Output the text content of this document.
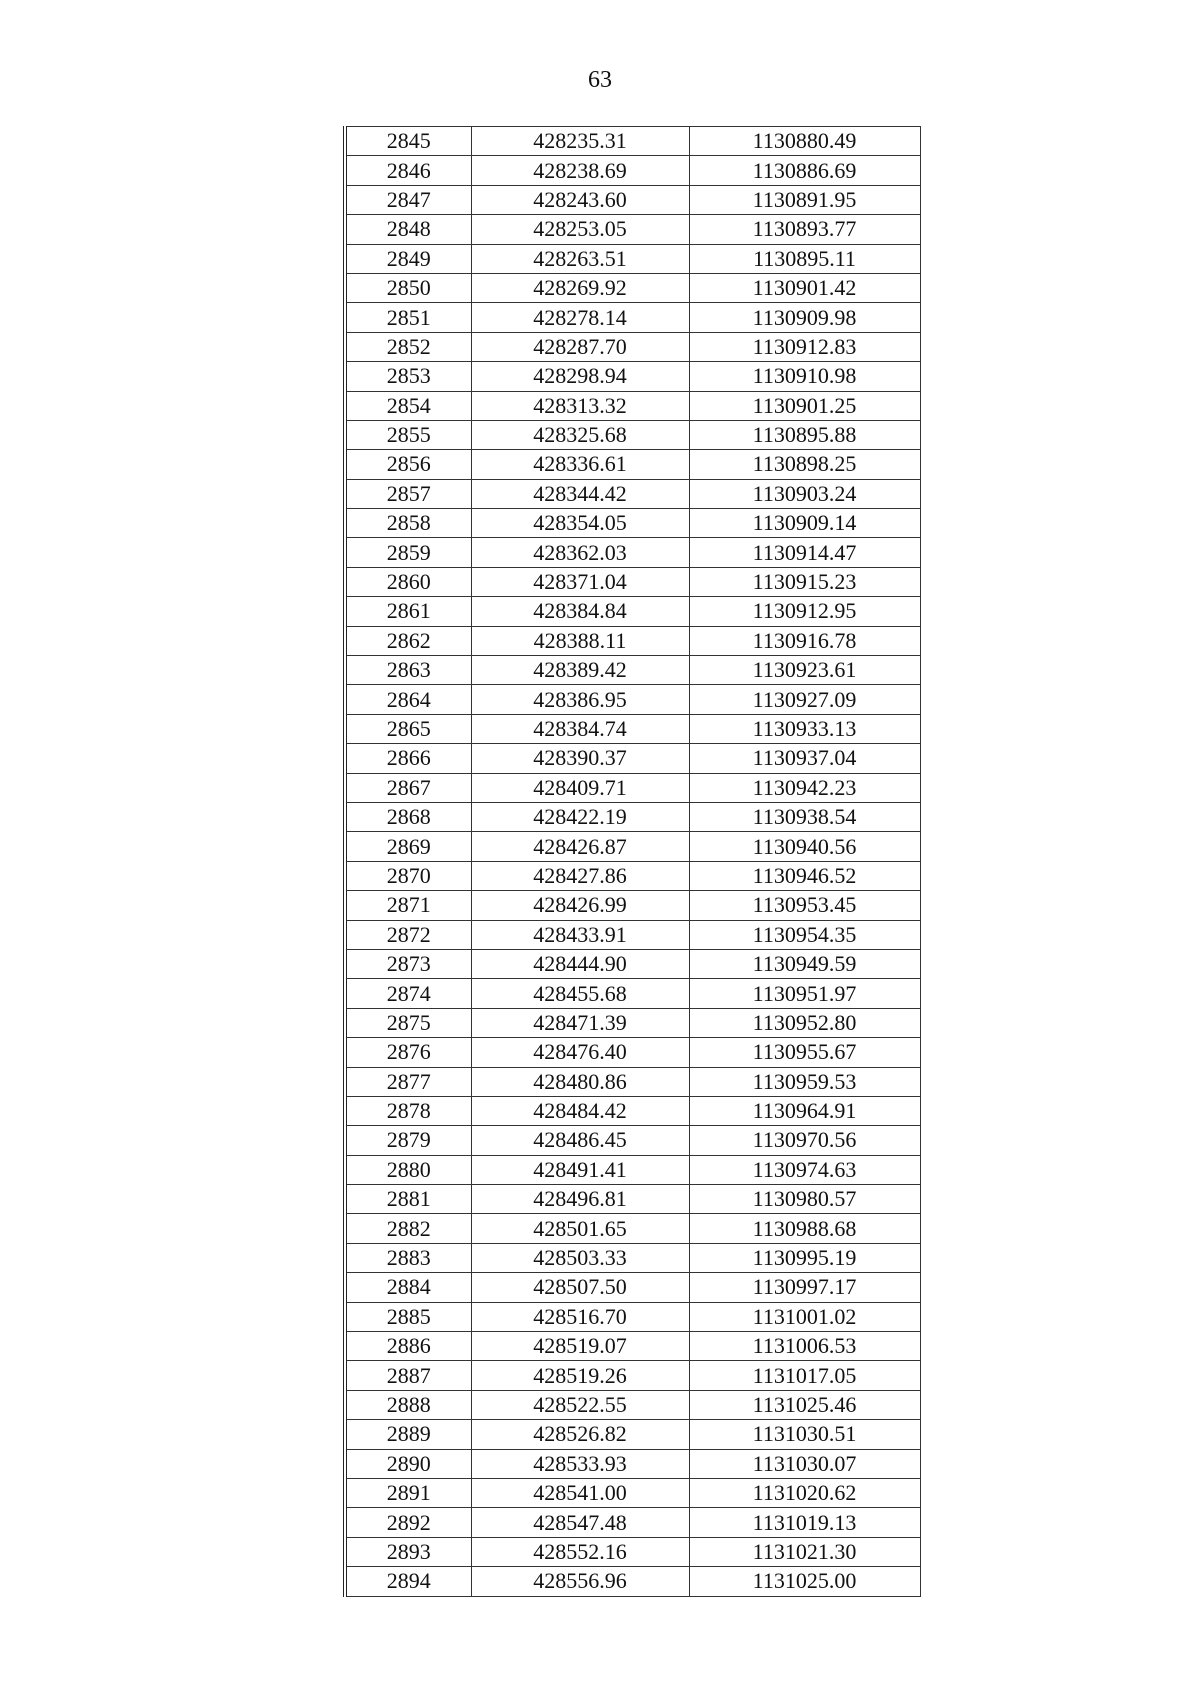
63
2845	428235.31	1130880.49
2846	428238.69	1130886.69
2847	428243.60	1130891.95
2848	428253.05	1130893.77
2849	428263.51	1130895.11
2850	428269.92	1130901.42
2851	428278.14	1130909.98
2852	428287.70	1130912.83
2853	428298.94	1130910.98
2854	428313.32	1130901.25
2855	428325.68	1130895.88
2856	428336.61	1130898.25
2857	428344.42	1130903.24
2858	428354.05	1130909.14
2859	428362.03	1130914.47
2860	428371.04	1130915.23
2861	428384.84	1130912.95
2862	428388.11	1130916.78
2863	428389.42	1130923.61
2864	428386.95	1130927.09
2865	428384.74	1130933.13
2866	428390.37	1130937.04
2867	428409.71	1130942.23
2868	428422.19	1130938.54
2869	428426.87	1130940.56
2870	428427.86	1130946.52
2871	428426.99	1130953.45
2872	428433.91	1130954.35
2873	428444.90	1130949.59
2874	428455.68	1130951.97
2875	428471.39	1130952.80
2876	428476.40	1130955.67
2877	428480.86	1130959.53
2878	428484.42	1130964.91
2879	428486.45	1130970.56
2880	428491.41	1130974.63
2881	428496.81	1130980.57
2882	428501.65	1130988.68
2883	428503.33	1130995.19
2884	428507.50	1130997.17
2885	428516.70	1131001.02
2886	428519.07	1131006.53
2887	428519.26	1131017.05
2888	428522.55	1131025.46
2889	428526.82	1131030.51
2890	428533.93	1131030.07
2891	428541.00	1131020.62
2892	428547.48	1131019.13
2893	428552.16	1131021.30
2894	428556.96	1131025.00
